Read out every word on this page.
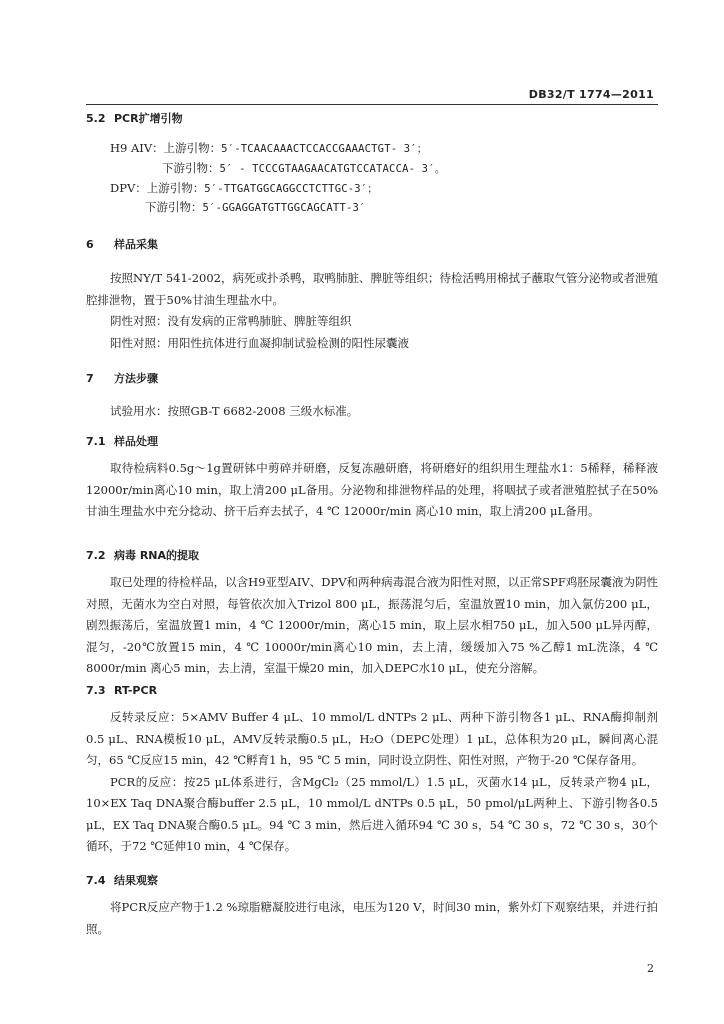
DB32/T 1774—2011
5.2 PCR扩增引物
H9 AIV：上游引物：5′-TCAACAAACTCCACCGAAACTGT- 3′；
下游引物：5′ - TCCCGTAAGAACATGTCCATACCA- 3′。
DPV：上游引物：5′-TTGATGGCAGGCCTCTTGC-3′；
下游引物：5′-GGAGGATGTTGGCAGCATT-3′
6 样品采集

按照NY/T 541-2002，病死或扑杀鸭，取鸭肺脏、脾脏等组织；待检活鸭用棉拭子蘸取气管分泌物或者泄殖腔排泄物，置于50%甘油生理盐水中。

阴性对照：没有发病的正常鸭肺脏、脾脏等组织

阳性对照：用阳性抗体进行血凝抑制试验检测的阳性尿囊液

7 方法步骤

试验用水：按照GB-T 6682-2008 三级水标准。

7.1 样品处理

取待检病料0.5g～1g置研钵中剪碎并研磨，反复冻融研磨，将研磨好的组织用生理盐水1：5稀释，稀释液12000r/min离心10 min，取上清200 μL备用。分泌物和排泄物样品的处理，将咽拭子或者泄殖腔拭子在50%甘油生理盐水中充分捻动、挤干后弃去拭子，4 ℃ 12000r/min 离心10 min，取上清200 μL备用。

7.2 病毒 RNA的提取

取已处理的待检样品，以含H9亚型AIV、DPV和两种病毒混合液为阳性对照，以正常SPF鸡胚尿囊液为阴性对照，无菌水为空白对照，每管依次加入Trizol 800 μL，振荡混匀后，室温放置10 min，加入氯仿200 μL，剧烈振荡后，室温放置1 min，4 ℃ 12000r/min，离心15 min，取上层水相750 μL，加入500 μL异丙醇，混匀，-20℃放置15 min，4 ℃ 10000r/min离心10 min，去上清，缓缓加入75 %乙醇1 mL洗涤，4 ℃ 8000r/min 离心5 min，去上清，室温干燥20 min，加入DEPC水10 μL，使充分溶解。

7.3 RT-PCR

反转录反应：5×AMV Buffer 4 μL、10 mmol/L dNTPs 2 μL、两种下游引物各1 μL、RNA酶抑制剂0.5 μL、RNA模板10 μL，AMV反转录酶0.5 μL，H₂O（DEPC处理）1 μL，总体积为20 μL，瞬间离心混匀，65 ℃反应15 min，42 ℃孵育1 h，95 ℃ 5 min，同时设立阴性、阳性对照，产物于-20 ℃保存备用。

PCR的反应：按25 μL体系进行，含MgCl₂（25 mmol/L）1.5 μL，灭菌水14 μL，反转录产物4 μL，10×EX Taq DNA聚合酶buffer 2.5 μL，10 mmol/L dNTPs 0.5 μL，50 pmol/μL两种上、下游引物各0.5 μL，EX Taq DNA聚合酶0.5 μL。94 ℃ 3 min，然后进入循环94 ℃ 30 s，54 ℃ 30 s，72 ℃ 30 s，30个循环，于72 ℃延伸10 min，4 ℃保存。

7.4 结果观察

将PCR反应产物于1.2 %琼脂糖凝胶进行电泳，电压为120 V，时间30 min，紫外灯下观察结果，并进行拍照。

2
